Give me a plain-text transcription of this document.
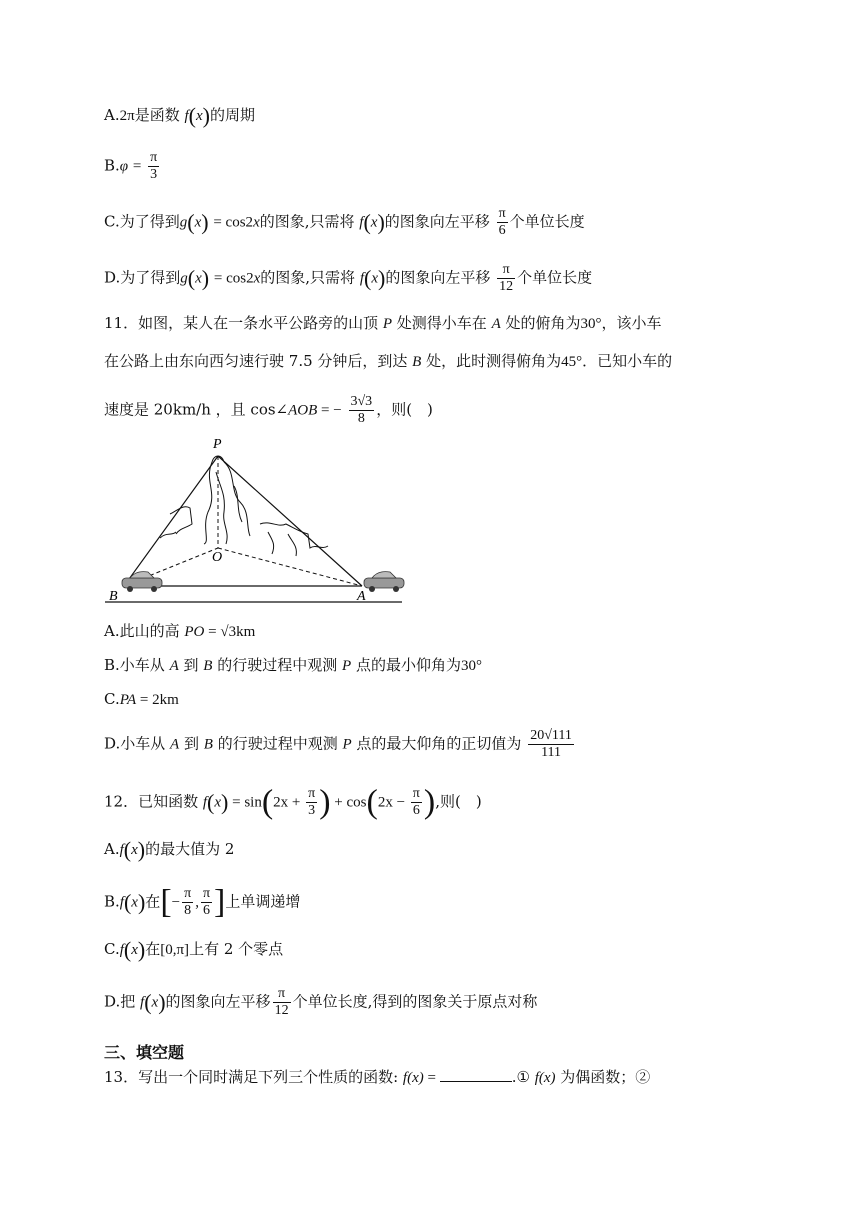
A.2π是函数 f(x)的周期
$B.\varphi = \frac{\pi}{3}$
C.为了得到g(x) = cos2x的图象,只需将 f(x)的图象向左平移 $\frac{\pi}{6}$ 个单位长度
D.为了得到g(x) = cos2x的图象,只需将 f(x)的图象向左平移 $\frac{\pi}{12}$ 个单位长度
11．如图，某人在一条水平公路旁的山顶 P 处测得小车在 A 处的俯角为30°，该小车
在公路上由东向西匀速行驶 7.5 分钟后，到达 B 处，此时测得俯角为45°．已知小车的
速度是 20km/h ，且 cos∠AOB = − $\frac{3√3}{8}$ ，则(　)
P
O
A
B
A.此山的高 PO = √3km
B.小车从 A 到 B 的行驶过程中观测 P 点的最小仰角为30°
C.PA = 2km
D.小车从 A 到 B 的行驶过程中观测 P 点的最大仰角的正切值为 $\frac{20√111}{111}$
12．已知函数 $f(x) = \sin(2x + \frac{\pi}{3}$ ) + $\cos(2x - \frac{\pi}{6}$ ),则(　)
A.f(x)的最大值为 2
B.f(x)在[− $\frac{\pi}{8}$ , $\frac{\pi}{6}$ ]上单调递增
C.f(x)在[0,π]上有 2 个零点
D.把 f(x)的图象向左平移 $\frac{\pi}{12}$ 个单位长度,得到的图象关于原点对称
三、填空题
13．写出一个同时满足下列三个性质的函数: f(x) =	.① f(x) 为偶函数；②
